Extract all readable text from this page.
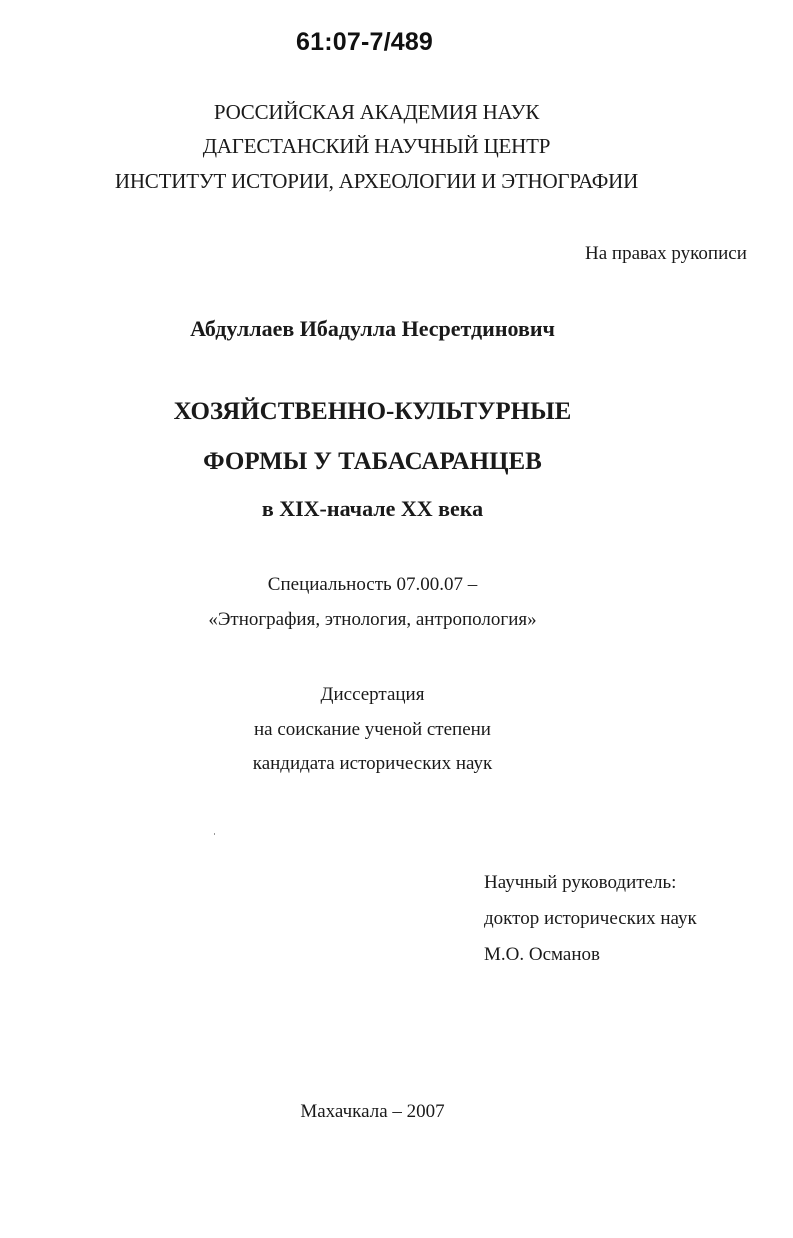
61:07-7/489
РОССИЙСКАЯ АКАДЕМИЯ НАУК
ДАГЕСТАНСКИЙ НАУЧНЫЙ ЦЕНТР
ИНСТИТУТ ИСТОРИИ, АРХЕОЛОГИИ И ЭТНОГРАФИИ
На правах рукописи
Абдуллаев Ибадулла Несретдинович
ХОЗЯЙСТВЕННО-КУЛЬТУРНЫЕ
ФОРМЫ У ТАБАСАРАНЦЕВ
в XIX-начале XX века
Специальность 07.00.07 –
«Этнография, этнология, антропология»
Диссертация
на соискание ученой степени
кандидата исторических наук
Научный руководитель:
доктор исторических наук
М.О. Османов
Махачкала – 2007
